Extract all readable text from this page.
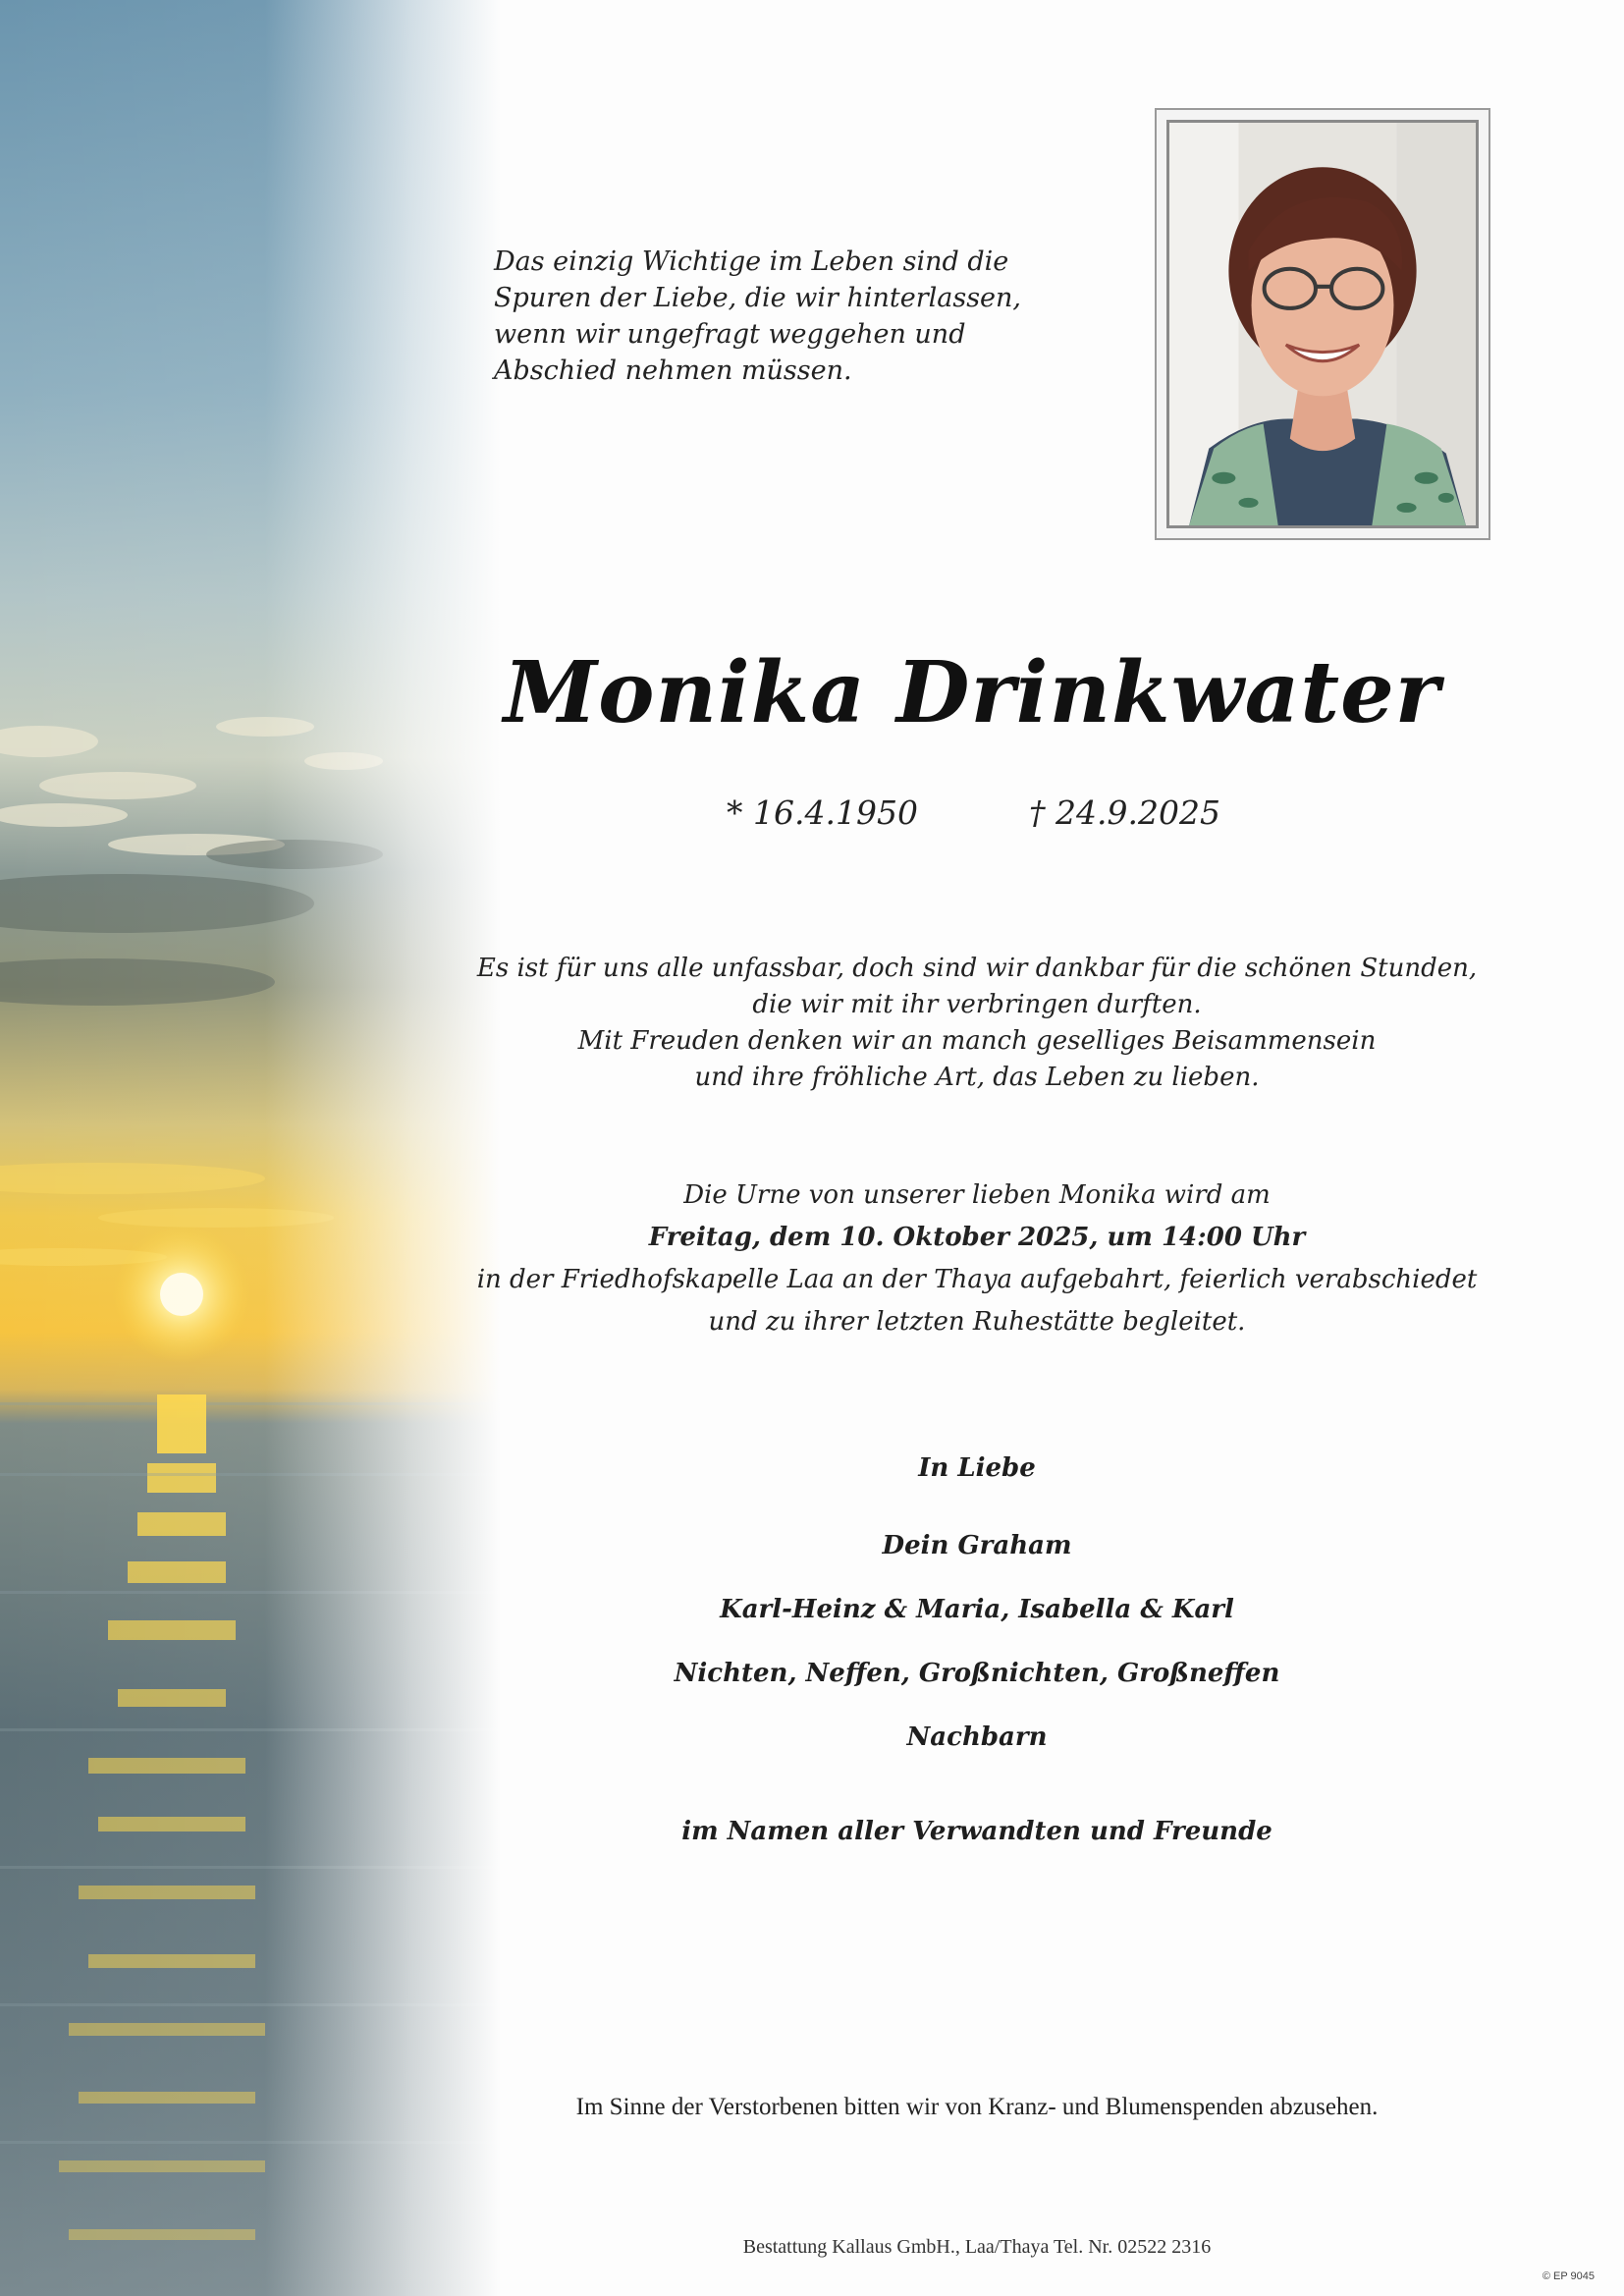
Das einzig Wichtige im Leben sind die
Spuren der Liebe, die wir hinterlassen,
wenn wir ungefragt weggehen und
Abschied nehmen müssen.

Monika Drinkwater
* 16.4.1950	† 24.9.2025
Es ist für uns alle unfassbar, doch sind wir dankbar für die schönen Stunden,
die wir mit ihr verbringen durften.
Mit Freuden denken wir an manch geselliges Beisammensein
und ihre fröhliche Art, das Leben zu lieben.
Die Urne von unserer lieben Monika wird am
Freitag, dem 10. Oktober 2025, um 14:00 Uhr
in der Friedhofskapelle Laa an der Thaya aufgebahrt, feierlich verabschiedet
und zu ihrer letzten Ruhestätte begleitet.
In Liebe
Dein Graham
Karl-Heinz & Maria, Isabella & Karl
Nichten, Neffen, Großnichten, Großneffen
Nachbarn
im Namen aller Verwandten und Freunde
Im Sinne der Verstorbenen bitten wir von Kranz- und Blumenspenden abzusehen.
Bestattung Kallaus GmbH., Laa/Thaya Tel. Nr. 02522 2316
© EP 9045
